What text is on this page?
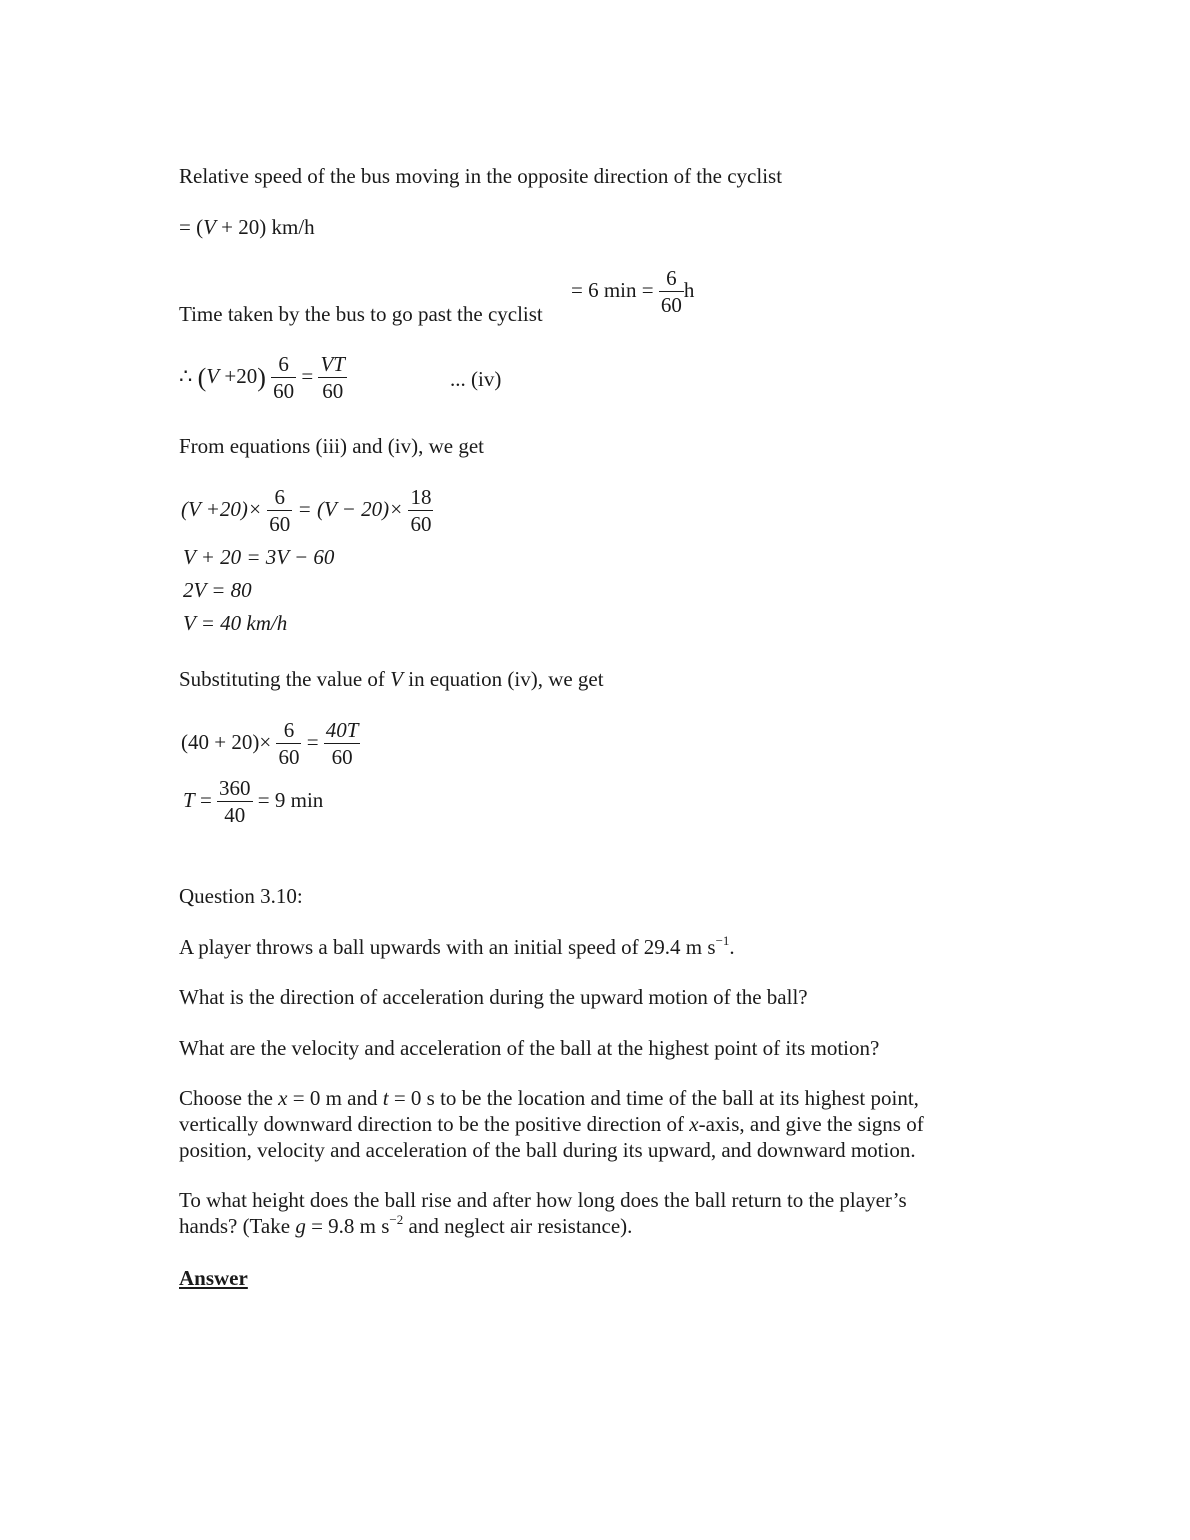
Relative speed of the bus moving in the opposite direction of the cyclist
= (V + 20) km/h
= 6 $\min = \frac{6}{60}$ h
Time taken by the bus to go past the cyclist
∴ $(V +20) \frac{6}{60} = \frac{VT}{60}$	... (iv)
From equations (iii) and (iv), we get
$(V +20)\times \frac{6}{60} = (V - 20)\times \frac{18}{60}$
V + 20 = 3V − 60
2V = 80
V = 40 km/h
Substituting the value of V in equation (iv), we get
$(40 + 20)\times \frac{6}{60} = \frac{40T}{60}$
$T = \frac{360}{40} = 9$ min
Question 3.10:
A player throws a ball upwards with an initial speed of 29.4 m $s^{-1}$.
What is the direction of acceleration during the upward motion of the ball?
What are the velocity and acceleration of the ball at the highest point of its motion?
Choose the x = 0 m and t = 0 s to be the location and time of the ball at its highest point,
vertically downward direction to be the positive direction of x-axis, and give the signs of
position, velocity and acceleration of the ball during its upward, and downward motion.
To what height does the ball rise and after how long does the ball return to the player’s
hands? (Take g = 9.8 m $s^{-2}$ and neglect air resistance).
Answer
